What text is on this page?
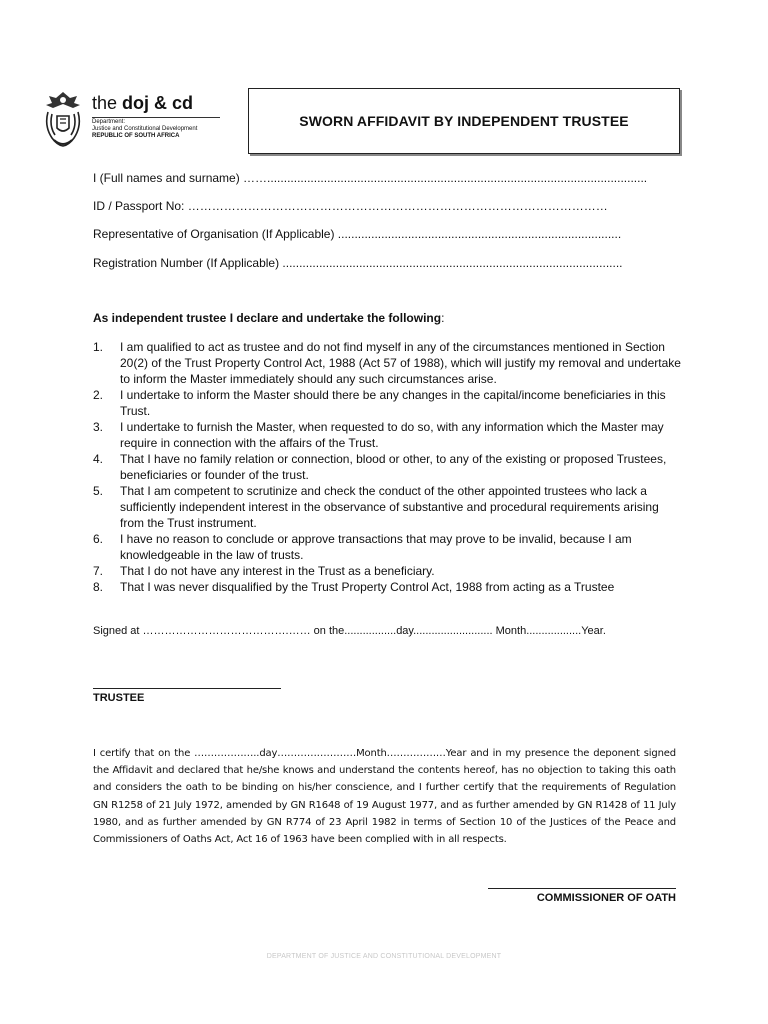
the doj & cd
Department:
Justice and Constitutional Development
REPUBLIC OF SOUTH AFRICA
SWORN AFFIDAVIT BY INDEPENDENT TRUSTEE
I (Full names and surname) ……..................................................................................................................
ID / Passport No: ……………………………………………………………………………………………
Representative of Organisation (If Applicable) .....................................................................................
Registration Number (If Applicable) ......................................................................................................
As independent trustee I declare and undertake the following:
1. I am qualified to act as trustee and do not find myself in any of the circumstances mentioned in Section 20(2) of the Trust Property Control Act, 1988 (Act 57 of 1988), which will justify my removal and undertake to inform the Master immediately should any such circumstances arise.
2. I undertake to inform the Master should there be any changes in the capital/income beneficiaries in this Trust.
3. I undertake to furnish the Master, when requested to do so, with any information which the Master may require in connection with the affairs of the Trust.
4. That I have no family relation or connection, blood or other, to any of the existing or proposed Trustees, beneficiaries or founder of the trust.
5. That I am competent to scrutinize and check the conduct of the other appointed trustees who lack a sufficiently independent interest in the observance of substantive and procedural requirements arising from the Trust instrument.
6. I have no reason to conclude or approve transactions that may prove to be invalid, because I am knowledgeable in the law of trusts.
7. That I do not have any interest in the Trust as a beneficiary.
8. That I was never disqualified by the Trust Property Control Act, 1988 from acting as a Trustee
Signed at ………………………………….…… on the.................day.......................... Month..................Year.
TRUSTEE
I certify that on the ………………..day……………………Month………………Year and in my presence the deponent signed the Affidavit and declared that he/she knows and understand the contents hereof, has no objection to taking this oath and considers the oath to be binding on his/her conscience, and I further certify that the requirements of Regulation GN R1258 of 21 July 1972, amended by GN R1648 of 19 August 1977, and as further amended by GN R1428 of 11 July 1980, and as further amended by GN R774 of 23 April 1982 in terms of Section 10 of the Justices of the Peace and Commissioners of Oaths Act, Act 16 of 1963 have been complied with in all respects.
COMMISSIONER OF OATH
DEPARTMENT OF JUSTICE AND CONSTITUTIONAL DEVELOPMENT
